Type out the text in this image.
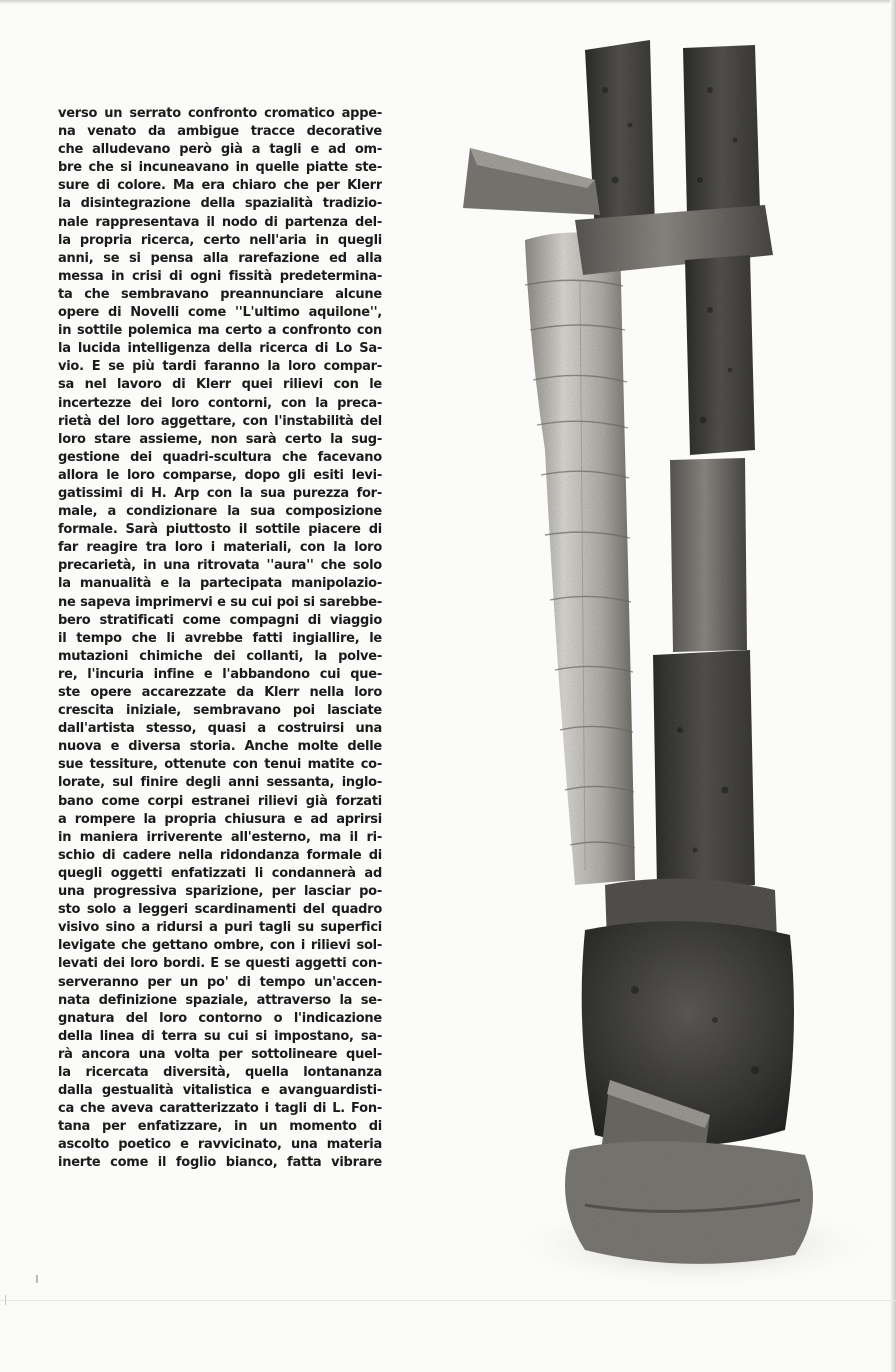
verso un serrato confronto cromatico appe-
na venato da ambigue tracce decorative
che alludevano però già a tagli e ad om-
bre che si incuneavano in quelle piatte ste-
sure di colore. Ma era chiaro che per Klerr
la disintegrazione della spazialità tradizio-
nale rappresentava il nodo di partenza del-
la propria ricerca, certo nell'aria in quegli
anni, se si pensa alla rarefazione ed alla
messa in crisi di ogni fissità predetermina-
ta che sembravano preannunciare alcune
opere di Novelli come ''L'ultimo aquilone'',
in sottile polemica ma certo a confronto con
la lucida intelligenza della ricerca di Lo Sa-
vio. E se più tardi faranno la loro compar-
sa nel lavoro di Klerr quei rilievi con le
incertezze dei loro contorni, con la preca-
rietà del loro aggettare, con l'instabilità del
loro stare assieme, non sarà certo la sug-
gestione dei quadri-scultura che facevano
allora le loro comparse, dopo gli esiti levi-
gatissimi di H. Arp con la sua purezza for-
male, a condizionare la sua composizione
formale. Sarà piuttosto il sottile piacere di
far reagire tra loro i materiali, con la loro
precarietà, in una ritrovata ''aura'' che solo
la manualità e la partecipata manipolazio-
ne sapeva imprimervi e su cui poi si sarebbe-
bero stratificati come compagni di viaggio
il tempo che li avrebbe fatti ingiallire, le
mutazioni chimiche dei collanti, la polve-
re, l'incuria infine e l'abbandono cui que-
ste opere accarezzate da Klerr nella loro
crescita iniziale, sembravano poi lasciate
dall'artista stesso, quasi a costruirsi una
nuova e diversa storia. Anche molte delle
sue tessiture, ottenute con tenui matite co-
lorate, sul finire degli anni sessanta, inglo-
bano come corpi estranei rilievi già forzati
a rompere la propria chiusura e ad aprirsi
in maniera irriverente all'esterno, ma il ri-
schio di cadere nella ridondanza formale di
quegli oggetti enfatizzati li condannerà ad
una progressiva sparizione, per lasciar po-
sto solo a leggeri scardinamenti del quadro
visivo sino a ridursi a puri tagli su superfici
levigate che gettano ombre, con i rilievi sol-
levati dei loro bordi. E se questi aggetti con-
serveranno per un po' di tempo un'accen-
nata definizione spaziale, attraverso la se-
gnatura del loro contorno o l'indicazione
della linea di terra su cui si impostano, sa-
rà ancora una volta per sottolineare quel-
la ricercata diversità, quella lontananza
dalla gestualità vitalistica e avanguardisti-
ca che aveva caratterizzato i tagli di L. Fon-
tana per enfatizzare, in un momento di
ascolto poetico e ravvicinato, una materia
inerte come il foglio bianco, fatta vibrare
